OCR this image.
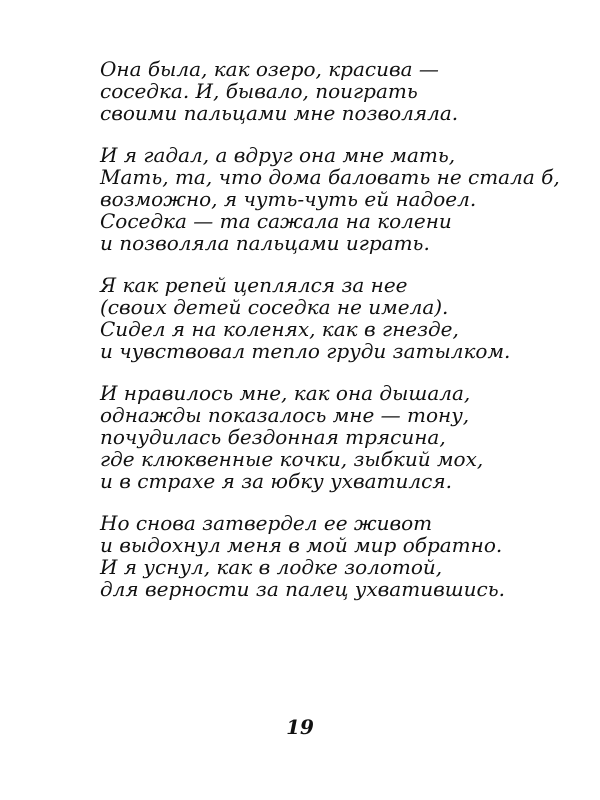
Она была, как озеро, красива —
соседка. И, бывало, поиграть
своими пальцами мне позволяла.
И я гадал, а вдруг она мне мать,
Мать, та, что дома баловать не стала б,
возможно, я чуть-чуть ей надоел.
Соседка — та сажала на колени
и позволяла пальцами играть.
Я как репей цеплялся за нее
(своих детей соседка не имела).
Сидел я на коленях, как в гнезде,
и чувствовал тепло груди затылком.
И нравилось мне, как она дышала,
однажды показалось мне — тону,
почудилась бездонная трясина,
где клюквенные кочки, зыбкий мох,
и в страхе я за юбку ухватился.
Но снова затвердел ее живот
и выдохнул меня в мой мир обратно.
И я уснул, как в лодке золотой,
для верности за палец ухватившись.
19
